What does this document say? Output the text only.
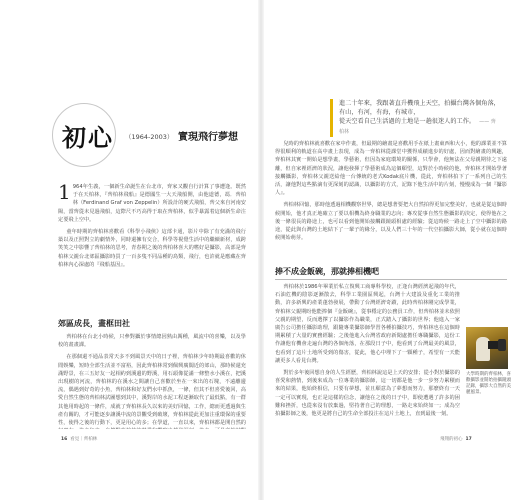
進二十年來，我跟著直升機飛上天空，拍攝台灣各個角落，

有山，有河，有海，有城市，

從天空看自己生活過的土地是一趟很迷人的工作。 —— 齊柏林

初心 （1964-2003） 實現飛行夢想
1 964年生義，一個新生命誕生在台北市，齊家又觀自行計算了事遭逢。既然于在天柏林，『齊柏林飛船』是德國生一大天飛船開，由他道德，馮．齊柏林（Ferdinand Graf von Zeppelin）所設計的硬式飛船，齊父來自河南安陽，當齊從未見過飛船，這際尺不巧高得于取在齊柏林，似乎暴露着這個新生命注定要飛上空中。
童年時期的齊柏林喜歡看《科學小飛俠》這部卡通，影片中除了有充滿的飛行築以及正照對立的劇情外，同時還擁有交合，科學等視覺生活中的繼續新材，成跨笑笑之中影響了齊柏林的思考，青春期之後的齊柏林喜大的嗜好是攝影，高部是齊柏林父親台北郊區攝影時買了一百多隻不同品種的鳥類，飛行，也許就是應藏在齊柏林內心深處的『飛船基因』。
郊區成長，畫框田社
齊柏林在台北小時候，只參對攝於事情總因熟由厲種，風流中的喜樂，以及學校的畫畫課。
在那個還不通品表常天多不到風景天中的日子裡，齊柏林少年時期最喜歡的休閒娛樂，短時全部生活並不富裕，因此齊柏林常到佩興廣闊近的郊山，那時候還充滿野景，在三五好友一起相約到溪邊的野溪，用石頭像從滿一條整水小溪在，把溪出現樹的河流，齊柏林的在溪水之間讓自己喜歡於坐在一來出的石塊，不遠離邊流，偶遇到好奇的小魚，齊柏林和好友們水中抓魚，一條，但其不但喜愛後回，高愛自然生態的齊柏林試圖想到其中，溪對岸的水泥工程逐漸取代了最低點，有一群其他用時起的一條件，成就了齊柏林長久以來的美好回憶，工作，總而更透過與生產有關的，才可能逐步讓溪中流的景觀受到破壞，齊柏林從此更加注重環保的重要性，使得之後的行動下，更是用心的多；在學道，一直以來，齊柏林都是開自然的
兒時的齊柏林就喜歡在家中作畫，但最期的繪畫是喜歡用手在紙上畫東西和大小，他的課業並不算得很順利的軌道在高中畫上表現，成為一齊柏林從課堂中獲得成績進步的好處，因而對繪畫的興趣，齊柏林其實一開始是想學畫，學藝術，但因為家庭環境的關係，只學會，他無法在父母親期待之下遠離，但自家裡經濟的狀況，讓他發揮了學藝術成為這個願望，這對於小時候的他，齊柏林才開始學著接觸攝影，齊柏林父親送給他一台傳統的老式Kodak底片機，從此，齊柏林拍下了一系列自己的生活，讓他對這些點滴有更深刻的認識，以攝影的方式，記錄下他生活中的片刻，慢慢成為一個『攝影人』。
齊柏林回憶，那時他透過相機觀察世界，總是想著要把大自然拍得更加完整美好，也就是從這個時候開始，他才真正地確立了要以相機為終身職業的志向；專攻從事自然生態攝影的決定，使得他在之後一條很長的路途上，也可以看到他開始接觸跟鏡頭相處的經驗；從這時候一路走上了空中攝影的路途，從此與台灣的土地結下了一輩子的緣分，以及人們三十年的一代空拍攝影大師，從小就在這個時候開始萌芽。
捧不成金飯碗，那就捧相機吧
齊柏林於1986年畢業於私立復興工商專科學校，正逢台灣經濟起飛的年代，石油危機的陰影逐漸散去，科學工業園區興起，台灣十大建設及重化工業的推動，許多新興的產業蓬勃發展，帶動了台灣經濟奇蹟，此時齊柏林剛完成學業，齊柏林父親期盼他能捧個『金飯碗』，從事穩定的公務員工作，但齊柏林並未依照父親的期望，反而選擇了以攝影作為職業，正式踏入了攝影的世界；他進入一家廣告公司擔任攝影助理，跟隨專業攝影師學習各種拍攝技巧，齊柏林也在這個時期累積了大量的實務經驗；之後他進入台灣省政府新聞處擔任專職攝影，這份工作讓他有機會走遍台灣的各個角落，在那段日子中，他看到了台灣最美的風景，也看到了這片土地所受到的傷害，從此，他心中埋下了一顆種子，希望有一天能讓更多人看見台灣。
對於多年後回想自身的人生經歷，齊柏林說這是上天的安排；從小對於攝影的喜愛和熱情，到後來成為一位專業的攝影師，這一切都是他一步一步努力累積而來的結果，他始終相信，只要有夢想，並且願意為了夢想而努力，那麼終有一天一定可以實現，也正是這樣的信念，讓他在之後的日子中，即使遭遇了許多的困難和挫折，也從來沒有放棄過，堅持著自己的理想，一路走來始終如一；成為空拍攝影師之後，他更是將自己的生命全部投注在這片土地上，直到最後一刻。
大學時期的齊柏林，喜歡攝影並開始拍攝鏡頭記錄，攝影大自然的美麗風景。
16 看見｜齊柏林	飛翔的初心 17
